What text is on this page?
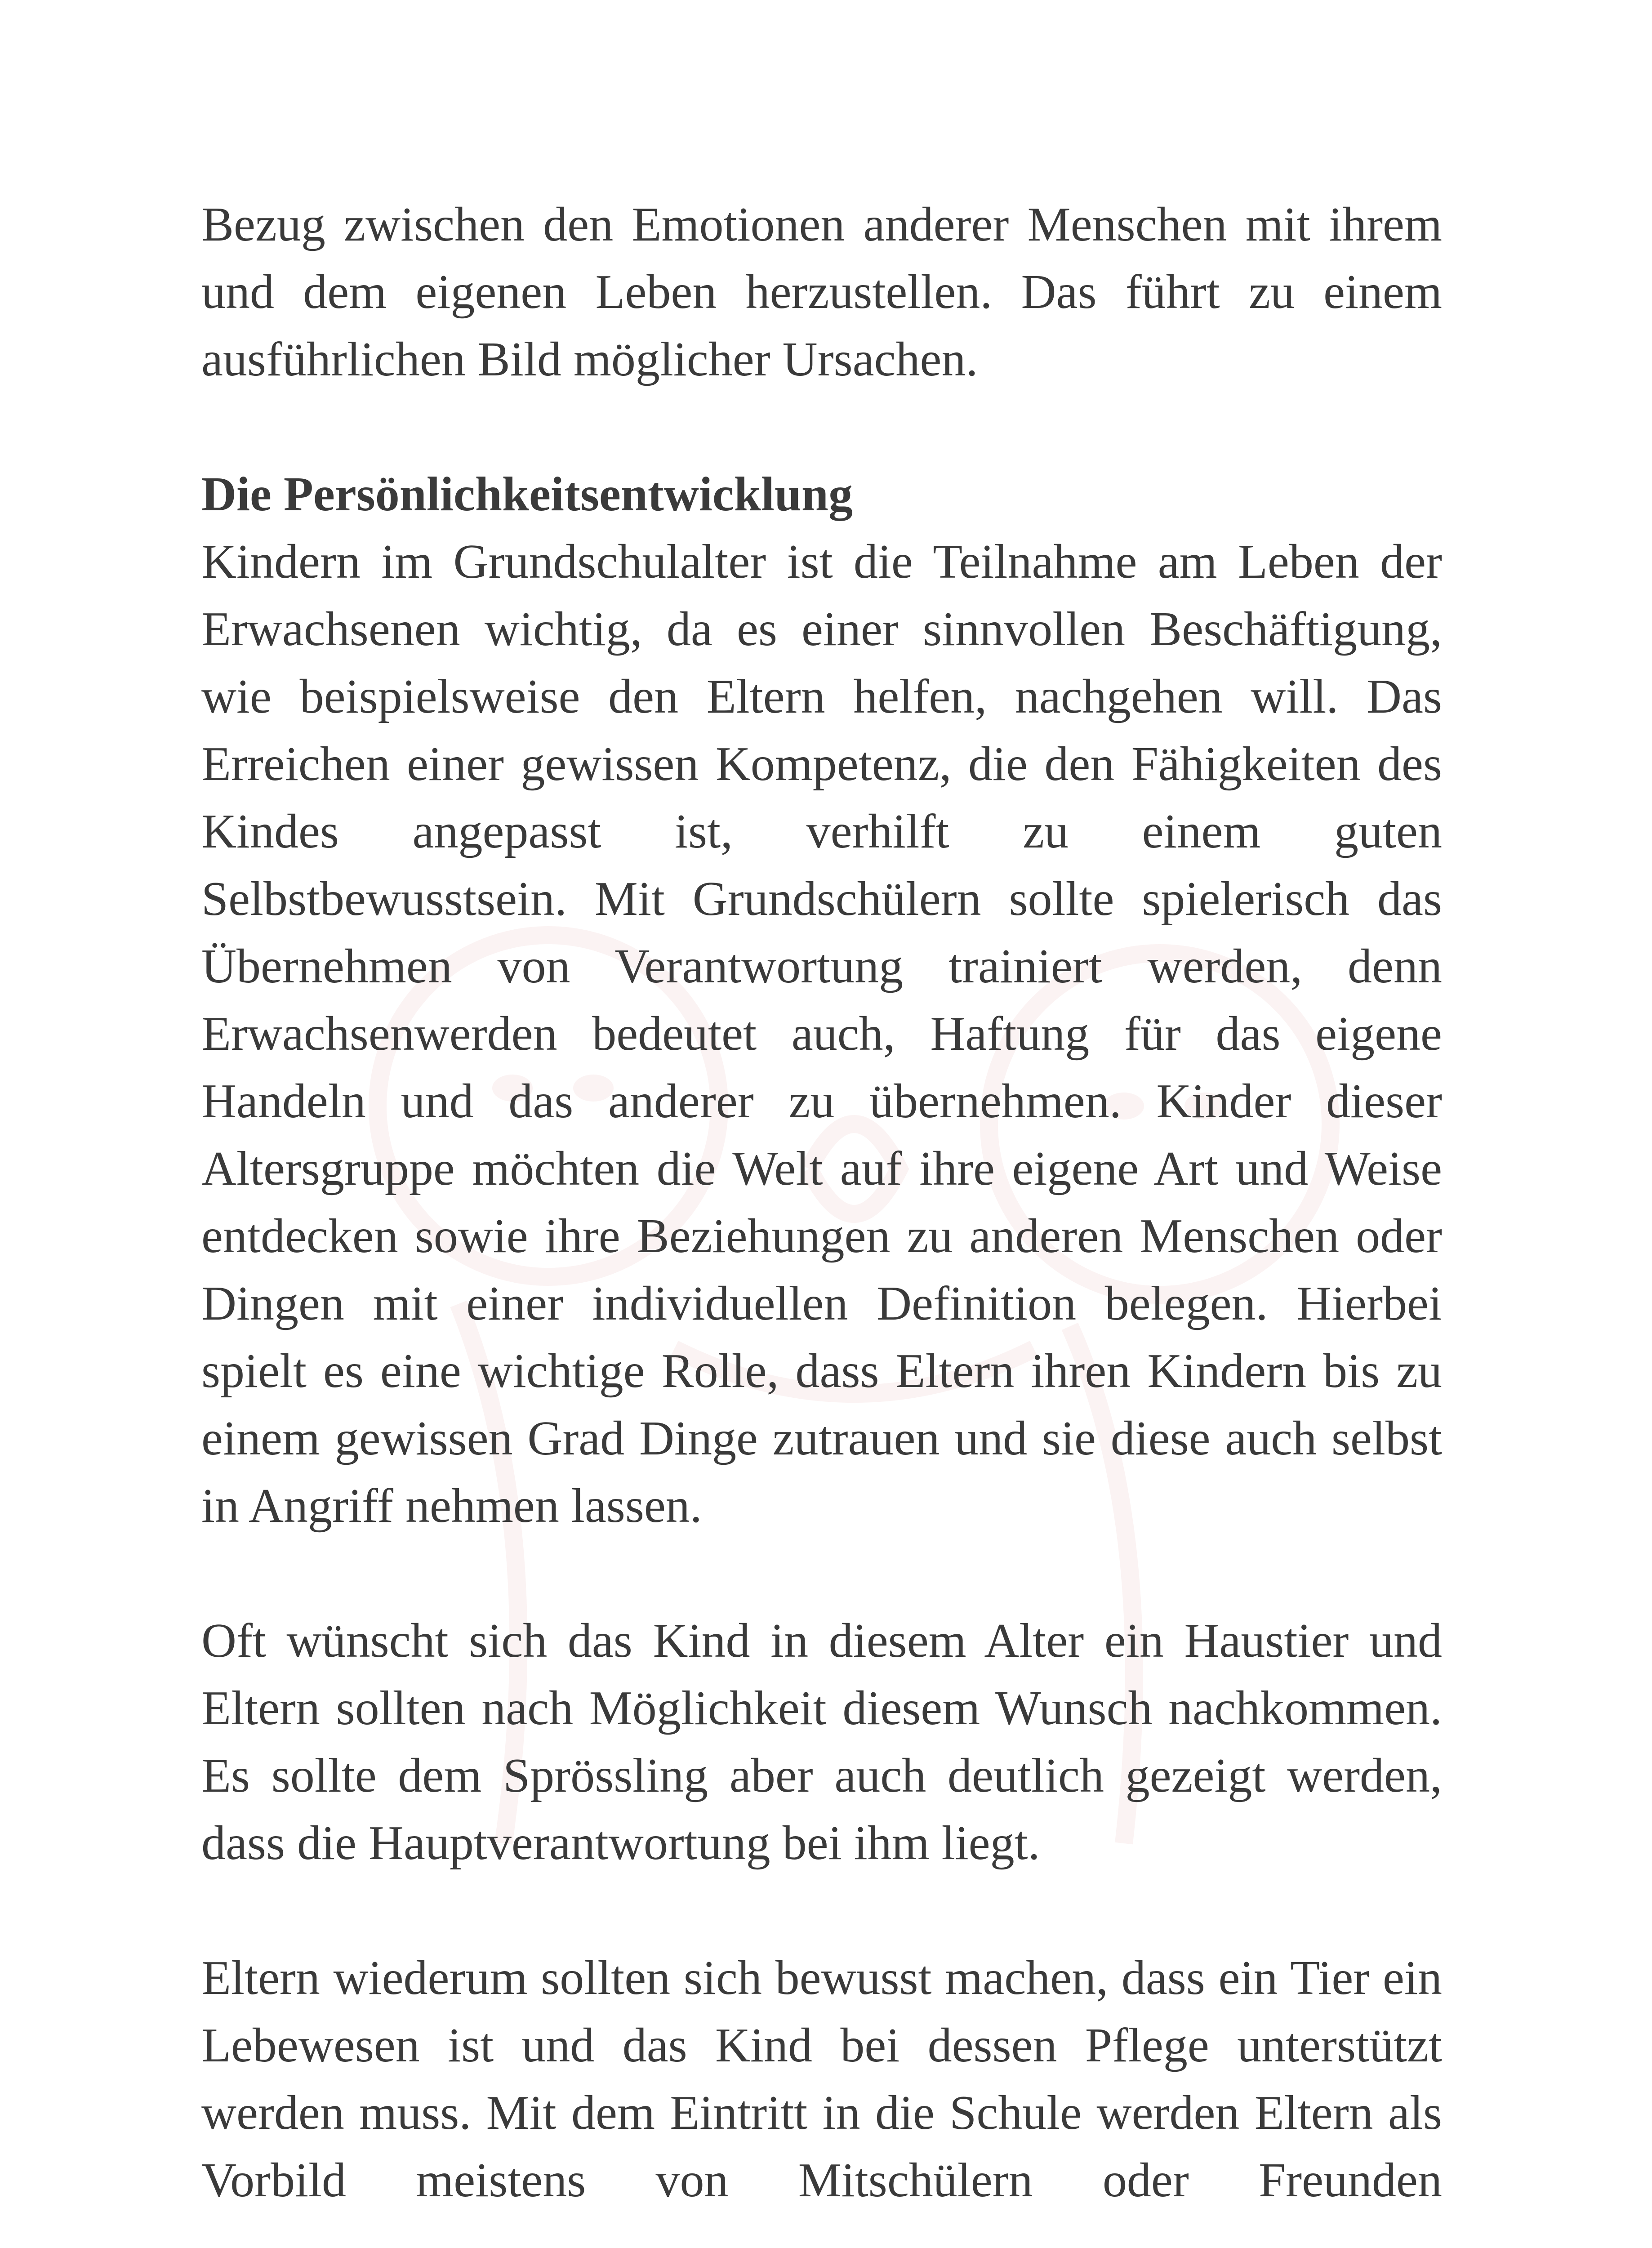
Bezug zwischen den Emotionen anderer Menschen mit ihrem und dem eigenen Leben herzustellen. Das führt zu einem ausführlichen Bild möglicher Ursachen.

Die Persönlichkeitsentwicklung

Kindern im Grundschulalter ist die Teilnahme am Leben der Erwachsenen wichtig, da es einer sinnvollen Beschäftigung, wie beispielsweise den Eltern helfen, nachgehen will. Das Erreichen einer gewissen Kompetenz, die den Fähigkeiten des Kindes angepasst ist, verhilft zu einem guten Selbstbewusstsein. Mit Grundschülern sollte spielerisch das Übernehmen von Verantwortung trainiert werden, denn Erwachsenwerden bedeutet auch, Haftung für das eigene Handeln und das anderer zu übernehmen. Kinder dieser Altersgruppe möchten die Welt auf ihre eigene Art und Weise entdecken sowie ihre Beziehungen zu anderen Menschen oder Dingen mit einer individuellen Definition belegen. Hierbei spielt es eine wichtige Rolle, dass Eltern ihren Kindern bis zu einem gewissen Grad Dinge zutrauen und sie diese auch selbst in Angriff nehmen lassen.

Oft wünscht sich das Kind in diesem Alter ein Haustier und Eltern sollten nach Möglichkeit diesem Wunsch nachkommen. Es sollte dem Sprössling aber auch deutlich gezeigt werden, dass die Hauptverantwortung bei ihm liegt.

Eltern wiederum sollten sich bewusst machen, dass ein Tier ein Lebewesen ist und das Kind bei dessen Pflege unterstützt werden muss. Mit dem Eintritt in die Schule werden Eltern als Vorbild meistens von Mitschülern oder Freunden
